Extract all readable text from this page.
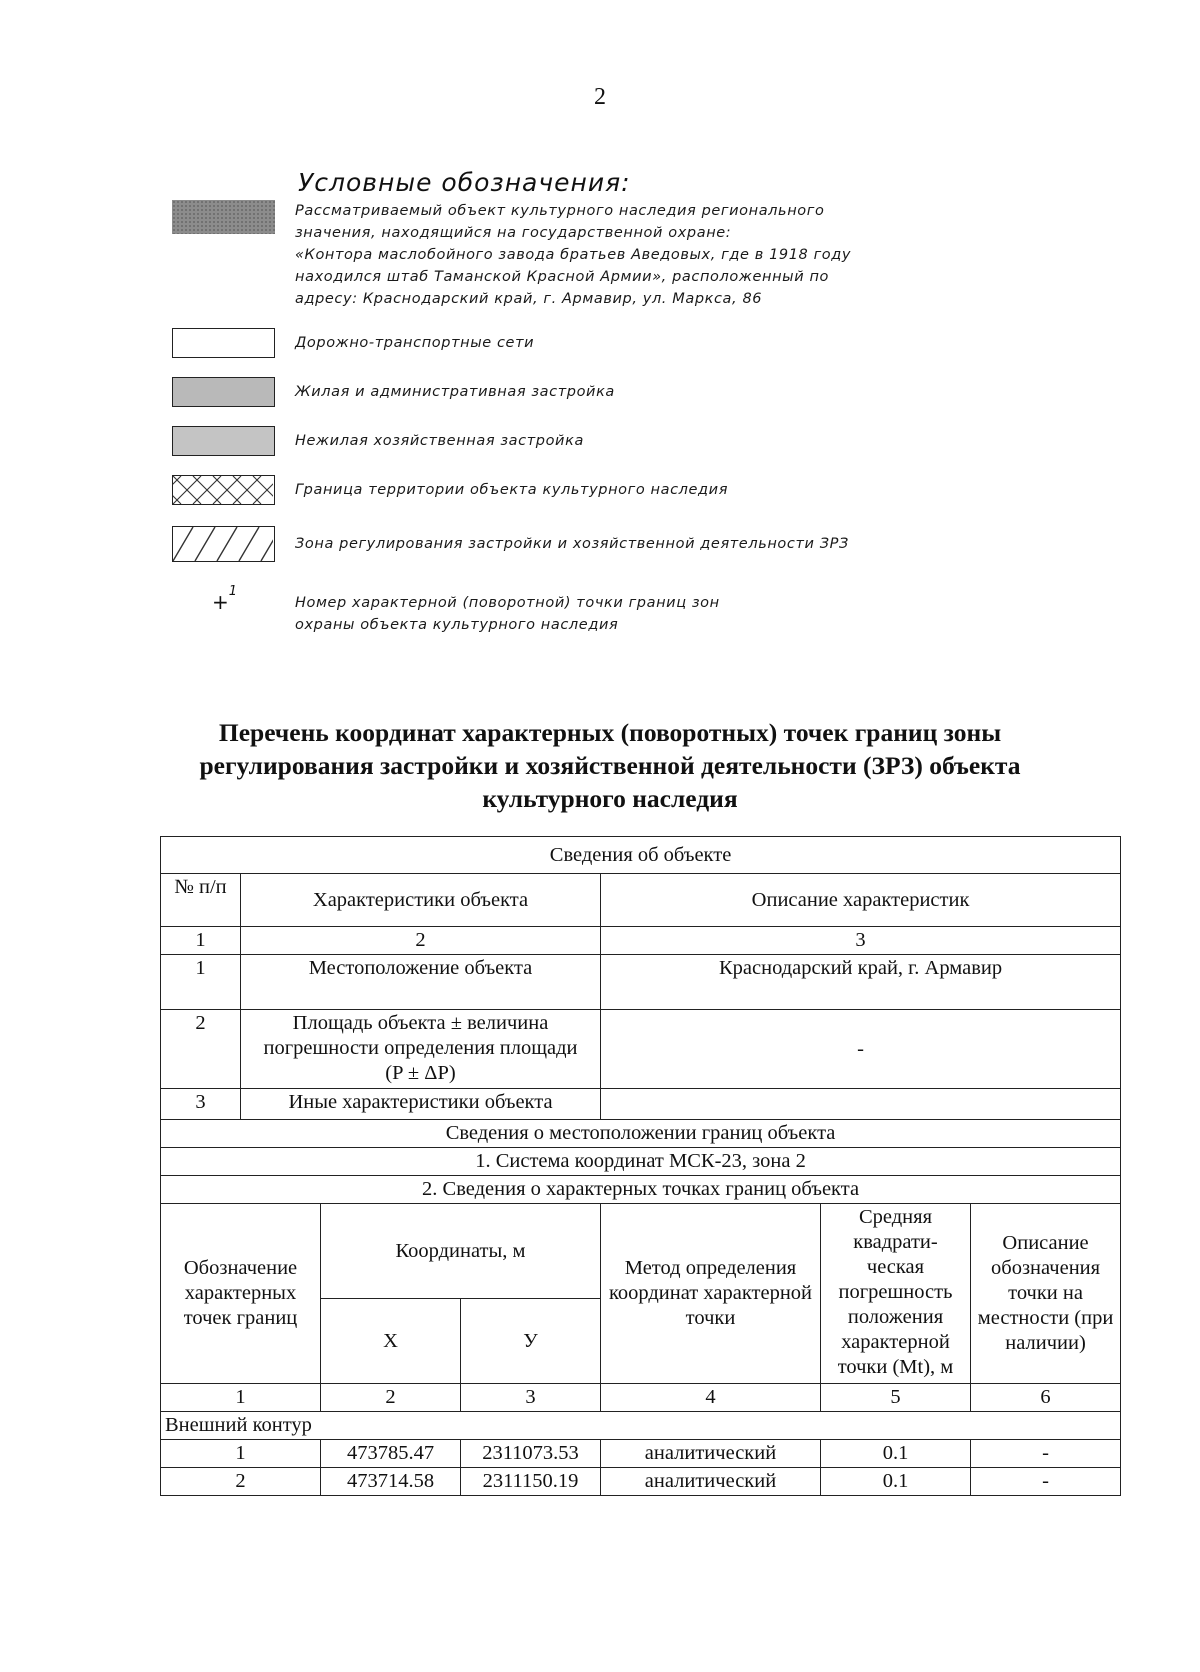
2
Условные обозначения:
Рассматриваемый объект культурного наследия регионального
значения, находящийся на государственной охране:
«Контора маслобойного завода братьев Аведовых, где в 1918 году
находился штаб Таманской Красной Армии», расположенный по
адресу: Краснодарский край, г. Армавир, ул. Маркса, 86
Дорожно-транспортные сети
Жилая и административная застройка
Нежилая хозяйственная застройка
Граница территории объекта культурного наследия
Зона регулирования застройки и хозяйственной деятельности ЗРЗ
+$^1$
Номер характерной (поворотной) точки границ зон
охраны объекта культурного наследия
Перечень координат характерных (поворотных) точек границ зоны
регулирования застройки и хозяйственной деятельности (ЗРЗ) объекта
культурного наследия
Сведения об объекте						
№ п/п	Характеристики объекта			Описание характеристик		
1	2			3		
1	Местоположение объекта			Краснодарский край, г. Армавир		
2	Площадь объекта ± величина погрешности определения площади (P ± ΔP)			-		
3	Иные характеристики объекта					
Сведения о местоположении границ объекта						
1. Система координат МСК-23, зона 2						
2. Сведения о характерных точках границ объекта						
Обозначение характерных точек границ		Координаты, м		Метод определения координат характерной точки	Средняя квадрати-ческая погрешность положения характерной точки (Mt), м	Описание обозначения точки на местности (при наличии)
		X	У			
1		2	3	4	5	6
Внешний контур						
1		473785.47	2311073.53	аналитический	0.1	-
2		473714.58	2311150.19	аналитический	0.1	-
